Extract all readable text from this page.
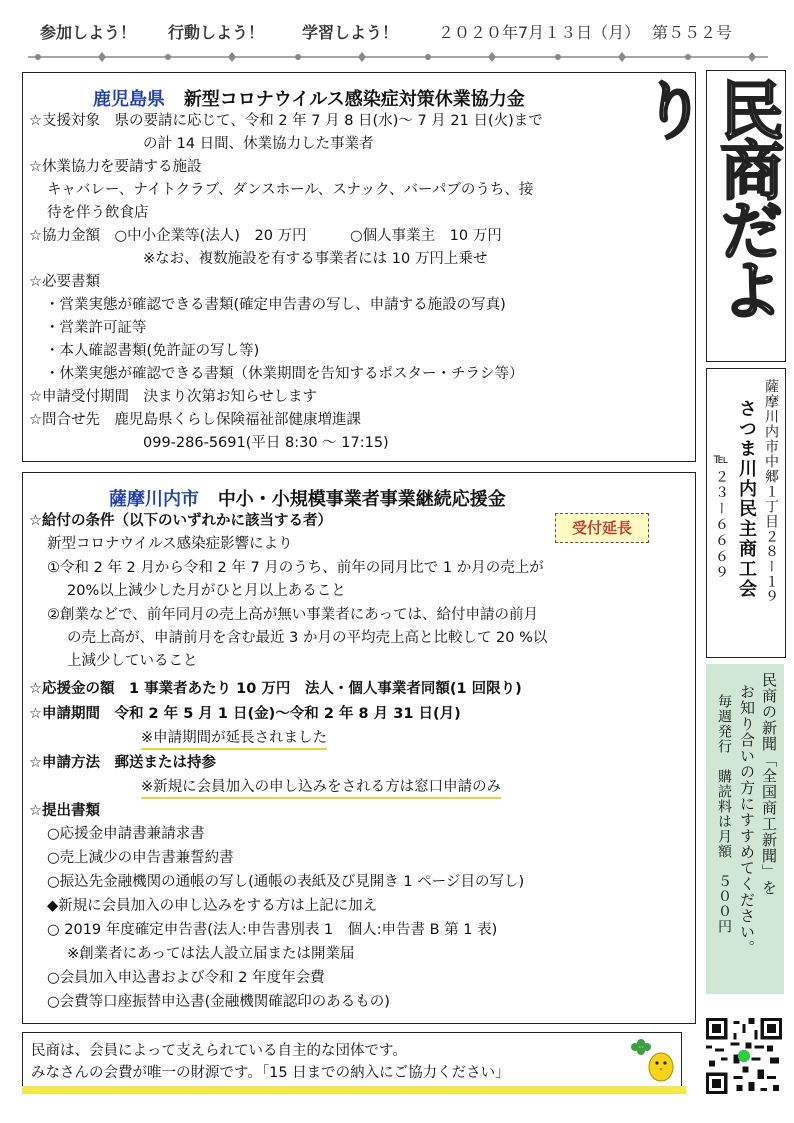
参加しよう！ 行動しよう！ 学習しよう！ ２０２０年7月１３日（月） 第５５２号
鹿児島県 新型コロナウイルス感染症対策休業協力金
☆支援対象　県の要請に応じて、令和 2 年 7 月 8 日(水)～ 7 月 21 日(火)まで
の計 14 日間、休業協力した事業者
☆休業協力を要請する施設
キャバレー、ナイトクラブ、ダンスホール、スナック、バーパブのうち、接
待を伴う飲食店
☆協力金額　○中小企業等(法人)　20 万円　　　○個人事業主　10 万円
※なお、複数施設を有する事業者には 10 万円上乗せ
☆必要書類
・営業実態が確認できる書類(確定申告書の写し、申請する施設の写真)
・営業許可証等
・本人確認書類(免許証の写し等)
・休業実態が確認できる書類（休業期間を告知するポスター・チラシ等）
☆申請受付期間　決まり次第お知らせします
☆問合せ先　鹿児島県くらし保険福祉部健康増進課
099-286-5691(平日 8:30 ～ 17:15)
薩摩川内市 中小・小規模事業者事業継続応援金
☆給付の条件（以下のいずれかに該当する者）
新型コロナウイルス感染症影響により
①令和 2 年 2 月から令和 2 年 7 月のうち、前年の同月比で 1 か月の売上が
20%以上減少した月がひと月以上あること
②創業などで、前年同月の売上高が無い事業者にあっては、給付申請の前月
の売上高が、申請前月を含む最近 3 か月の平均売上高と比較して 20 %以
上減少していること
☆応援金の額　1 事業者あたり 10 万円　法人・個人事業者同額(1 回限り)
☆申請期間　令和 2 年 5 月 1 日(金)～令和 2 年 8 月 31 日(月)
※申請期間が延長されました
☆申請方法　郵送または持参
※新規に会員加入の申し込みをされる方は窓口申請のみ
☆提出書類
○応援金申請書兼請求書
○売上減少の申告書兼誓約書
○振込先金融機関の通帳の写し(通帳の表紙及び見開き 1 ページ目の写し)
◆新規に会員加入の申し込みをする方は上記に加え
○ 2019 年度確定申告書(法人:申告書別表 1　個人:申告書 B 第 1 表)
※創業者にあっては法人設立届または開業届
○会員加入申込書および令和 2 年度年会費
○会費等口座振替申込書(金融機関確認印のあるもの)
受付延長
民商は、会員によって支えられている自主的な団体です。
みなさんの会費が唯一の財源です。「15 日までの納入にご協力ください」
民商だより
薩摩川内市中郷１丁目２８ー１９
さつま川内民主商工会
℡２３ー６６６９
民商の新聞「全国商工新聞」を
お知り合いの方にすすめてください。
毎週発行　購読料は月額　５００円
